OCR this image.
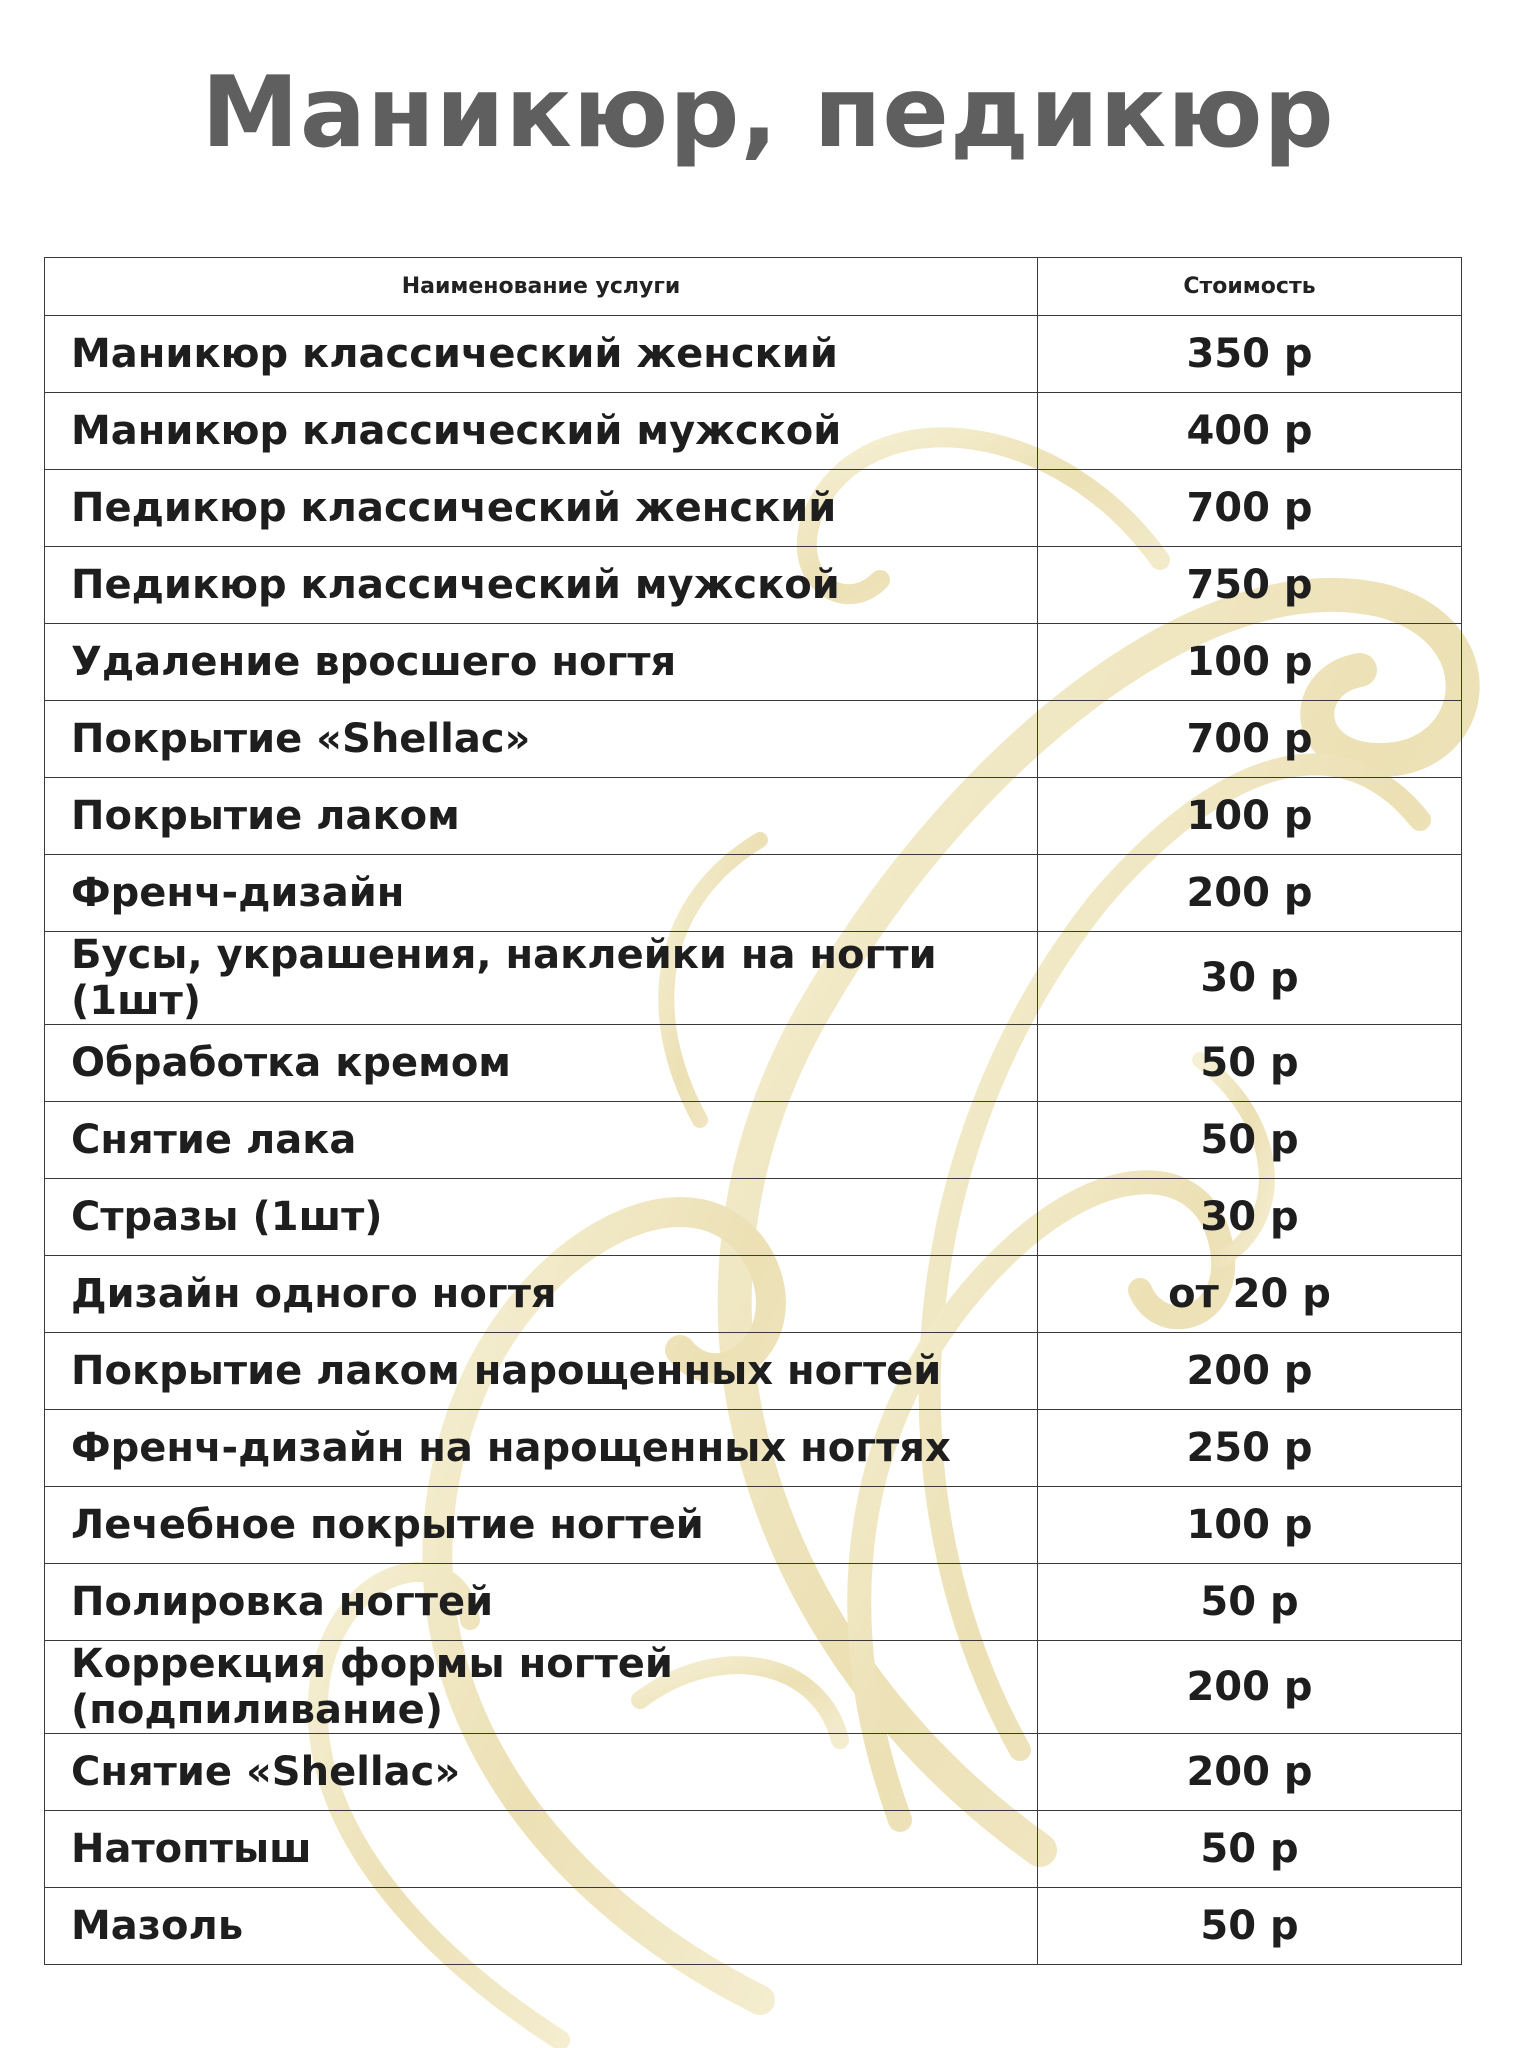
Маникюр, педикюр
Наименование услуги	Стоимость
Маникюр классический женский	350 р
Маникюр классический мужской	400 р
Педикюр классический женский	700 р
Педикюр классический мужской	750 р
Удаление вросшего ногтя	100 р
Покрытие «Shellac»	700 р
Покрытие лаком	100 р
Френч-дизайн	200 р
Бусы, украшения, наклейки на ногти (1шт)	30 р
Обработка кремом	50 р
Снятие лака	50 р
Стразы (1шт)	30 р
Дизайн одного ногтя	от 20 р
Покрытие лаком нарощенных ногтей	200 р
Френч-дизайн на нарощенных ногтях	250 р
Лечебное покрытие ногтей	100 р
Полировка ногтей	50 р
Коррекция формы ногтей (подпиливание)	200 р
Снятие «Shellac»	200 р
Натоптыш	50 р
Мазоль	50 р
